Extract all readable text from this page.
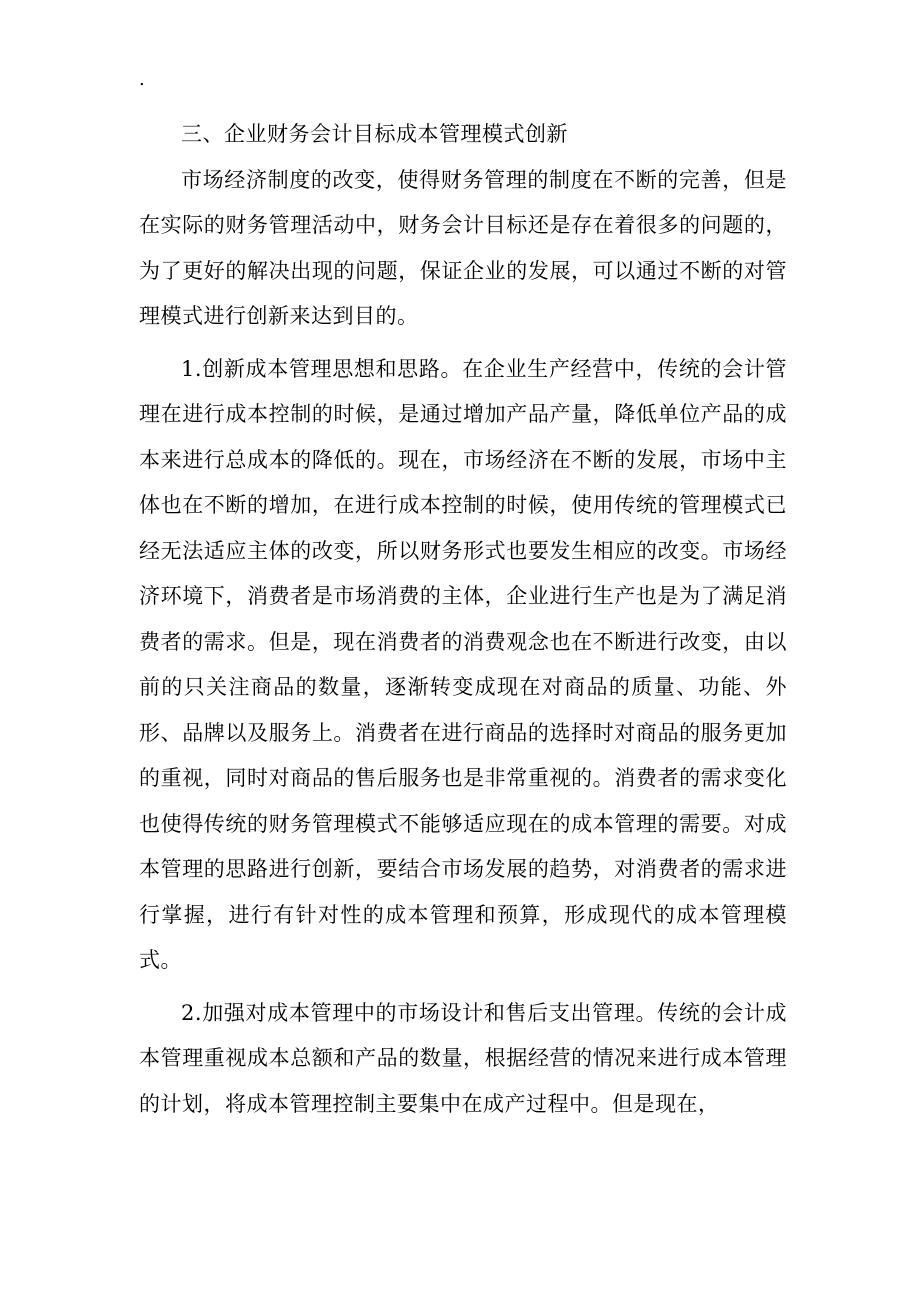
.

三、企业财务会计目标成本管理模式创新

市场经济制度的改变，使得财务管理的制度在不断的完善，但是在实际的财务管理活动中，财务会计目标还是存在着很多的问题的，为了更好的解决出现的问题，保证企业的发展，可以通过不断的对管理模式进行创新来达到目的。

1.创新成本管理思想和思路。在企业生产经营中，传统的会计管理在进行成本控制的时候，是通过增加产品产量，降低单位产品的成本来进行总成本的降低的。现在，市场经济在不断的发展，市场中主体也在不断的增加，在进行成本控制的时候，使用传统的管理模式已经无法适应主体的改变，所以财务形式也要发生相应的改变。市场经济环境下，消费者是市场消费的主体，企业进行生产也是为了满足消费者的需求。但是，现在消费者的消费观念也在不断进行改变，由以前的只关注商品的数量，逐渐转变成现在对商品的质量、功能、外形、品牌以及服务上。消费者在进行商品的选择时对商品的服务更加的重视，同时对商品的售后服务也是非常重视的。消费者的需求变化也使得传统的财务管理模式不能够适应现在的成本管理的需要。对成本管理的思路进行创新，要结合市场发展的趋势，对消费者的需求进行掌握，进行有针对性的成本管理和预算，形成现代的成本管理模式。

2.加强对成本管理中的市场设计和售后支出管理。传统的会计成本管理重视成本总额和产品的数量，根据经营的情况来进行成本管理的计划，将成本管理控制主要集中在成产过程中。但是现在，
